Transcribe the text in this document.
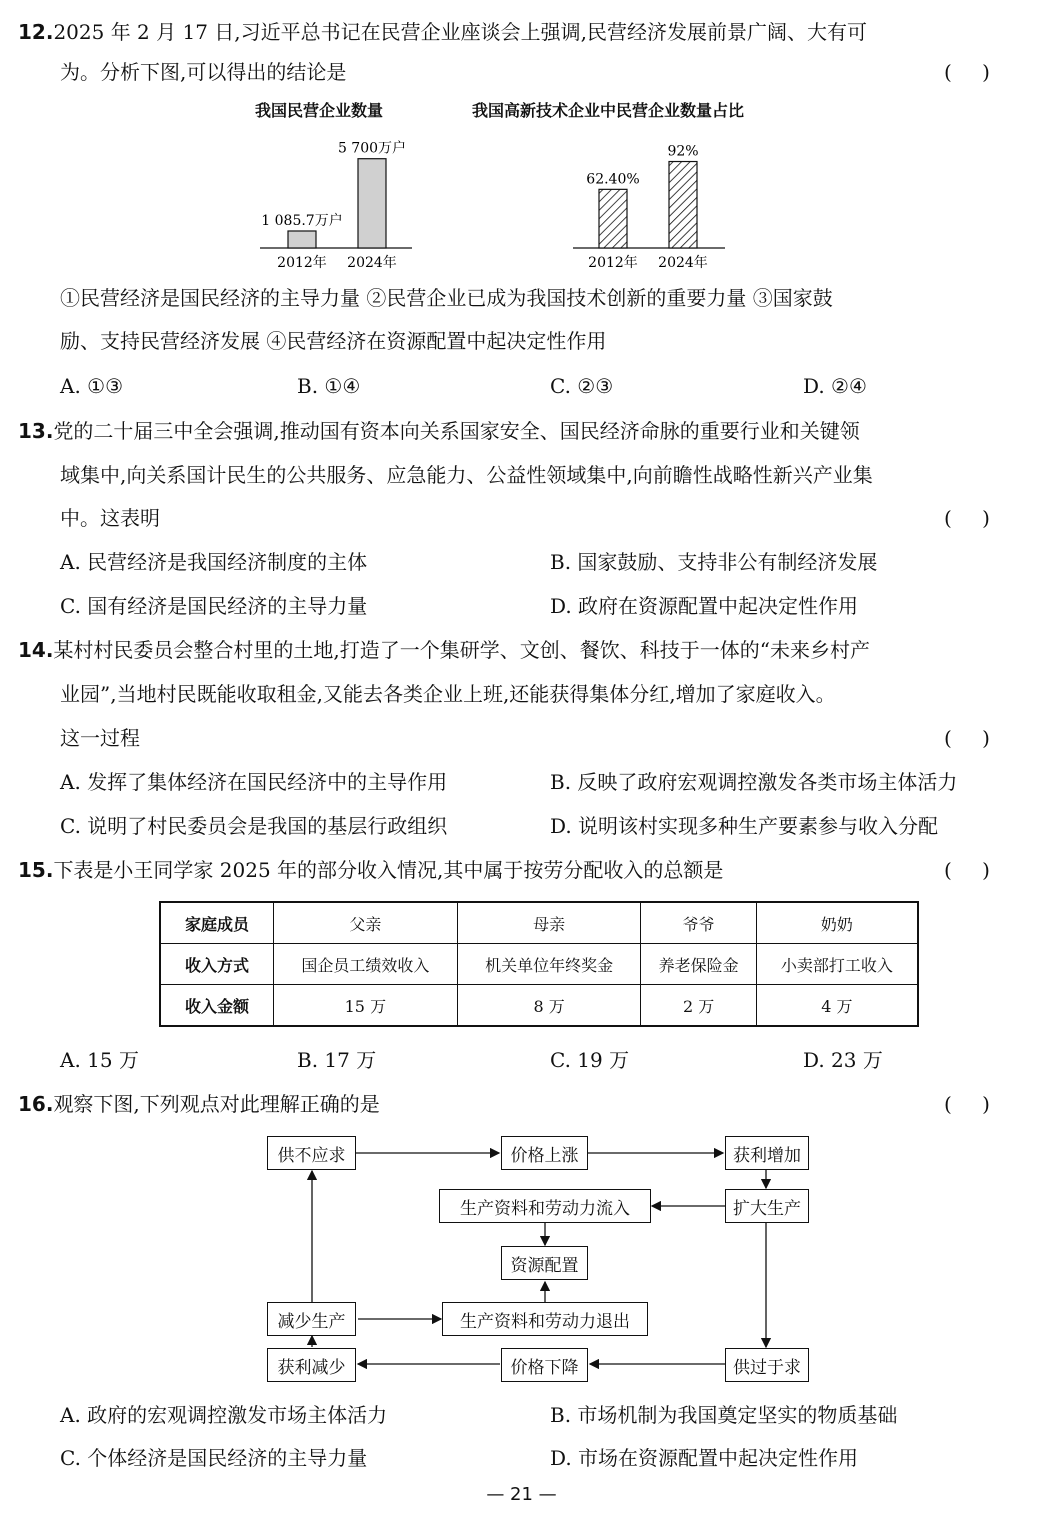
12.2025 年 2 月 17 日,习近平总书记在民营企业座谈会上强调,民营经济发展前景广阔、大有可
为。分析下图,可以得出的结论是	( )
我国民营企业数量	我国高新技术企业中民营企业数量占比
1 085.7万户
2012年
5 700万户
2024年
62.40%
2012年
92%
2024年
①民营经济是国民经济的主导力量 ②民营企业已成为我国技术创新的重要力量 ③国家鼓
励、支持民营经济发展 ④民营经济在资源配置中起决定性作用
A. ①③	B. ①④	C. ②③	D. ②④
13.党的二十届三中全会强调,推动国有资本向关系国家安全、国民经济命脉的重要行业和关键领
域集中,向关系国计民生的公共服务、应急能力、公益性领域集中,向前瞻性战略性新兴产业集
中。这表明	( )
A. 民营经济是我国经济制度的主体	B. 国家鼓励、支持非公有制经济发展
C. 国有经济是国民经济的主导力量	D. 政府在资源配置中起决定性作用
14.某村村民委员会整合村里的土地,打造了一个集研学、文创、餐饮、科技于一体的“未来乡村产
业园”,当地村民既能收取租金,又能去各类企业上班,还能获得集体分红,增加了家庭收入。
这一过程	( )
A. 发挥了集体经济在国民经济中的主导作用	B. 反映了政府宏观调控激发各类市场主体活力
C. 说明了村民委员会是我国的基层行政组织	D. 说明该村实现多种生产要素参与收入分配
15.下表是小王同学家 2025 年的部分收入情况,其中属于按劳分配收入的总额是	( )
家庭成员	父亲	母亲	爷爷	奶奶
收入方式	国企员工绩效收入	机关单位年终奖金	养老保险金	小卖部打工收入
收入金额	15 万	8 万	2 万	4 万
A. 15 万	B. 17 万	C. 19 万	D. 23 万
16.观察下图,下列观点对此理解正确的是	( )
供不应求	价格上涨	获利增加
生产资料和劳动力流入	扩大生产
资源配置
减少生产	生产资料和劳动力退出
获利减少	价格下降	供过于求
A. 政府的宏观调控激发市场主体活力	B. 市场机制为我国奠定坚实的物质基础
C. 个体经济是国民经济的主导力量	D. 市场在资源配置中起决定性作用
— 21 —
